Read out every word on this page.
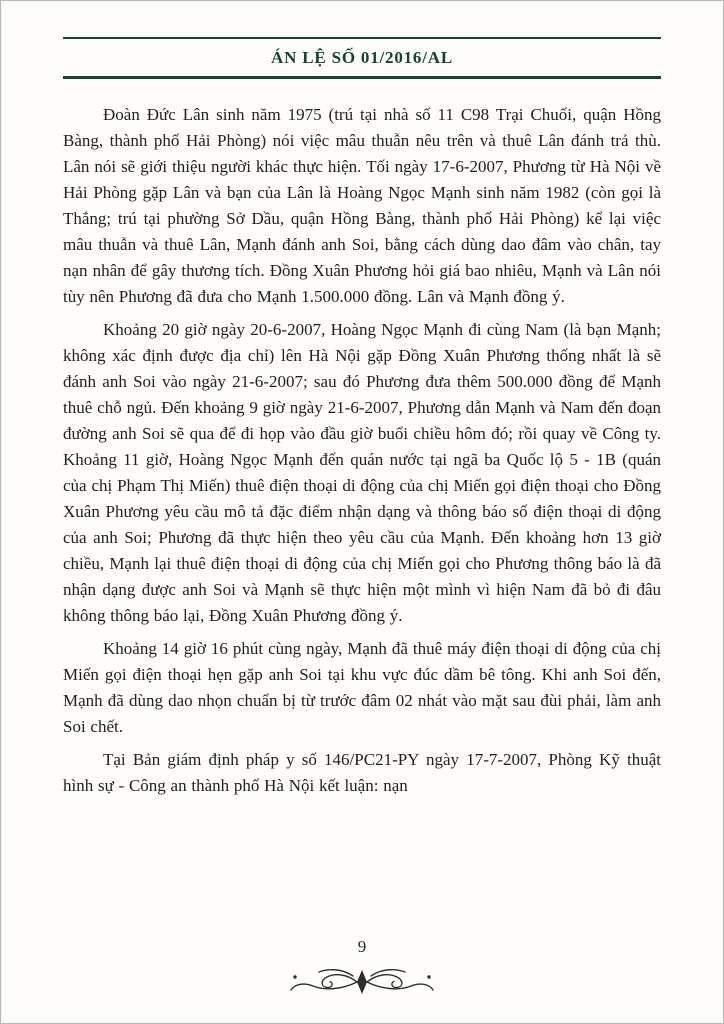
ÁN LỆ SỐ 01/2016/AL

Đoàn Đức Lân sinh năm 1975 (trú tại nhà số 11 C98 Trại Chuối, quận Hồng Bàng, thành phố Hải Phòng) nói việc mâu thuẫn nêu trên và thuê Lân đánh trả thù. Lân nói sẽ giới thiệu người khác thực hiện. Tối ngày 17-6-2007, Phương từ Hà Nội về Hải Phòng gặp Lân và bạn của Lân là Hoàng Ngọc Mạnh sinh năm 1982 (còn gọi là Thắng; trú tại phường Sở Dầu, quận Hồng Bàng, thành phố Hải Phòng) kể lại việc mâu thuẫn và thuê Lân, Mạnh đánh anh Soi, bằng cách dùng dao đâm vào chân, tay nạn nhân để gây thương tích. Đồng Xuân Phương hỏi giá bao nhiêu, Mạnh và Lân nói tùy nên Phương đã đưa cho Mạnh 1.500.000 đồng. Lân và Mạnh đồng ý.

Khoảng 20 giờ ngày 20-6-2007, Hoàng Ngọc Mạnh đi cùng Nam (là bạn Mạnh; không xác định được địa chỉ) lên Hà Nội gặp Đồng Xuân Phương thống nhất là sẽ đánh anh Soi vào ngày 21-6-2007; sau đó Phương đưa thêm 500.000 đồng để Mạnh thuê chỗ ngủ. Đến khoảng 9 giờ ngày 21-6-2007, Phương dẫn Mạnh và Nam đến đoạn đường anh Soi sẽ qua để đi họp vào đầu giờ buổi chiều hôm đó; rồi quay về Công ty. Khoảng 11 giờ, Hoàng Ngọc Mạnh đến quán nước tại ngã ba Quốc lộ 5 - 1B (quán của chị Phạm Thị Miến) thuê điện thoại di động của chị Miến gọi điện thoại cho Đồng Xuân Phương yêu cầu mô tả đặc điểm nhận dạng và thông báo số điện thoại di động của anh Soi; Phương đã thực hiện theo yêu cầu của Mạnh. Đến khoảng hơn 13 giờ chiều, Mạnh lại thuê điện thoại di động của chị Miến gọi cho Phương thông báo là đã nhận dạng được anh Soi và Mạnh sẽ thực hiện một mình vì hiện Nam đã bỏ đi đâu không thông báo lại, Đồng Xuân Phương đồng ý.

Khoảng 14 giờ 16 phút cùng ngày, Mạnh đã thuê máy điện thoại di động của chị Miến gọi điện thoại hẹn gặp anh Soi tại khu vực đúc dầm bê tông. Khi anh Soi đến, Mạnh đã dùng dao nhọn chuẩn bị từ trước đâm 02 nhát vào mặt sau đùi phải, làm anh Soi chết.

Tại Bản giám định pháp y số 146/PC21-PY ngày 17-7-2007, Phòng Kỹ thuật hình sự - Công an thành phố Hà Nội kết luận: nạn

9
